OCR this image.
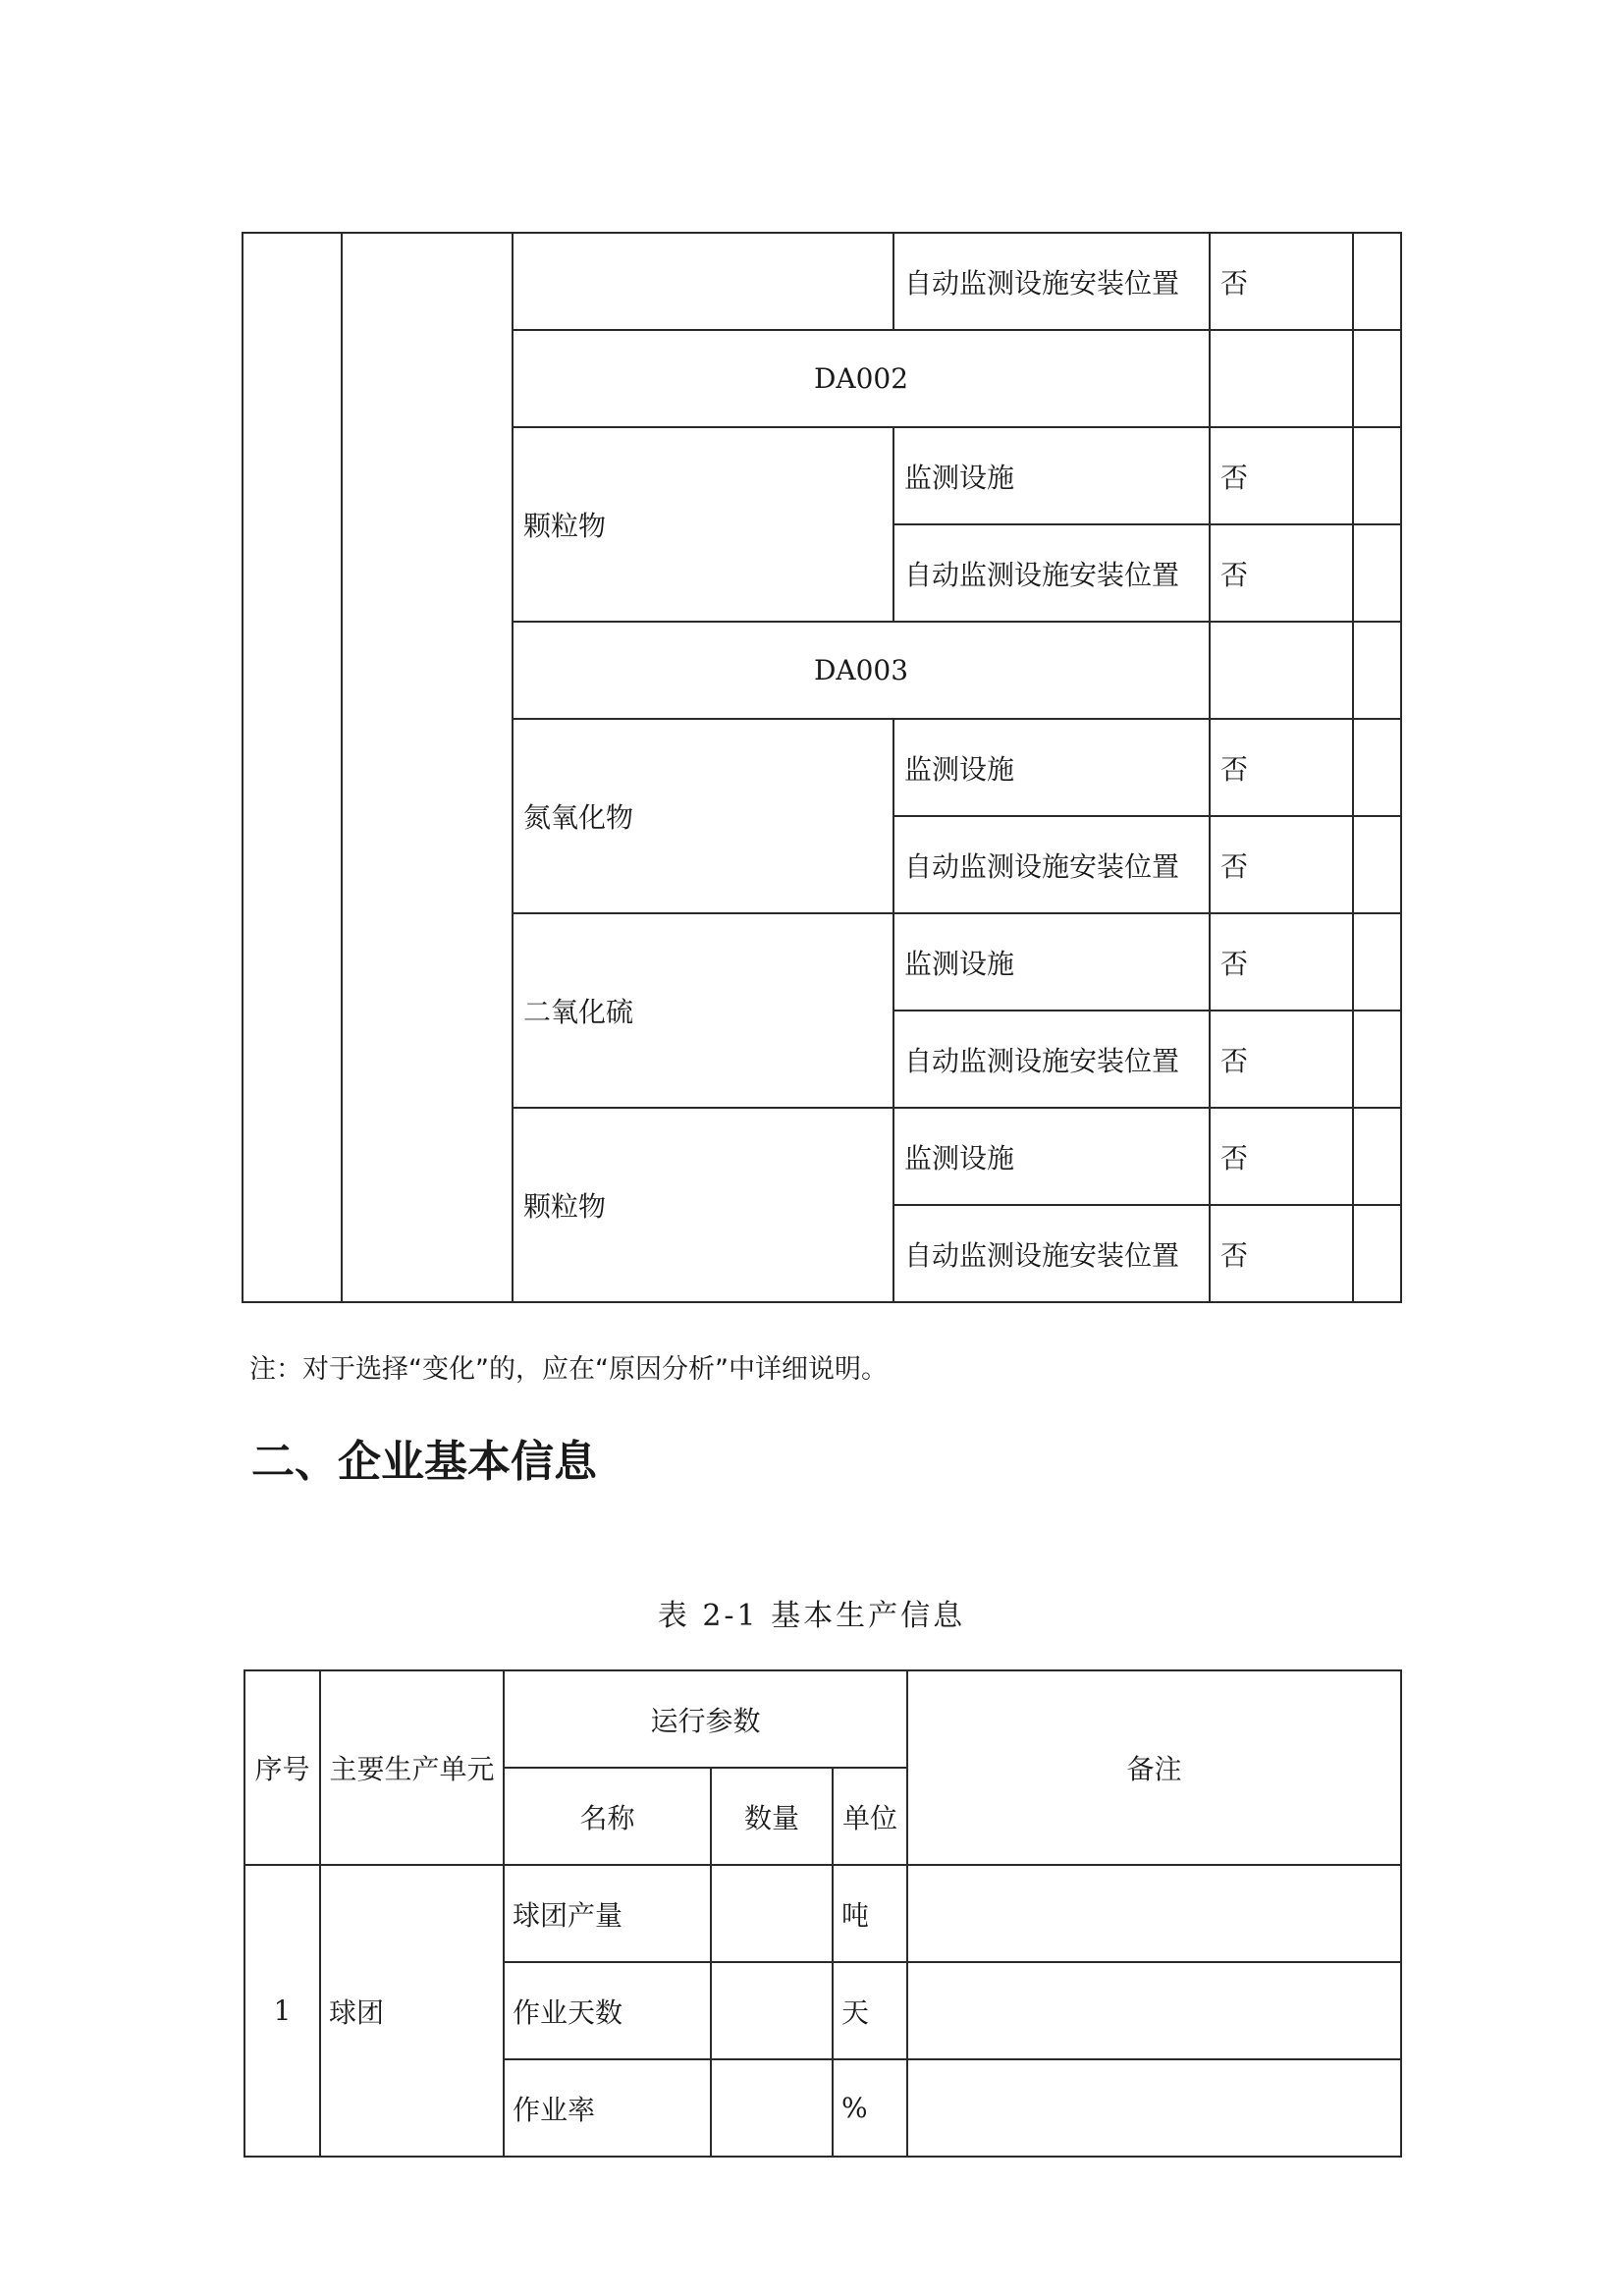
			自动监测设施安装位置	否	
		DA002			
		颗粒物	监测设施	否	
			自动监测设施安装位置	否	
		DA003			
		氮氧化物	监测设施	否	
			自动监测设施安装位置	否	
		二氧化硫	监测设施	否	
			自动监测设施安装位置	否	
		颗粒物	监测设施	否	
			自动监测设施安装位置	否	
注：对于选择“变化”的，应在“原因分析”中详细说明。
二、企业基本信息
表 2-1 基本生产信息
序号	主要生产单元	运行参数			备注
		名称	数量	单位	
1	球团	球团产量		吨	
		作业天数		天	
		作业率		%	
